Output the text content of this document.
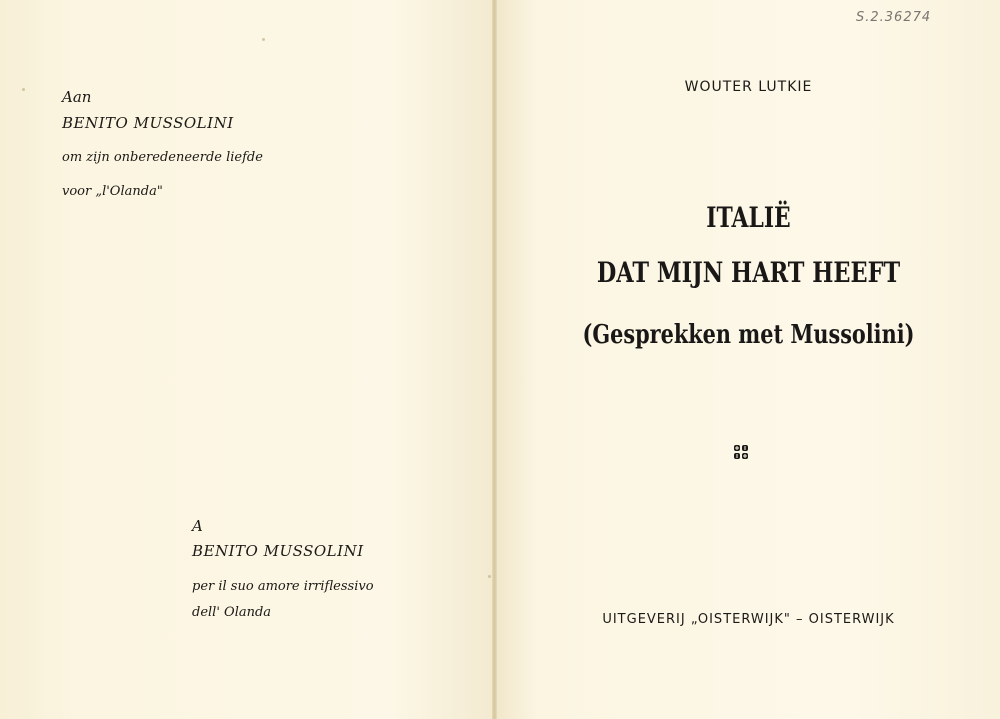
Aan
BENITO MUSSOLINI
om zijn onberedeneerde liefde
voor „l'Olanda"
A
BENITO MUSSOLINI
per il suo amore irriflessivo
dell' Olanda
S.2.36274
WOUTER LUTKIE
ITALIË
DAT MIJN HART HEEFT
(Gesprekken met Mussolini)
UITGEVERIJ „OISTERWIJK" – OISTERWIJK
